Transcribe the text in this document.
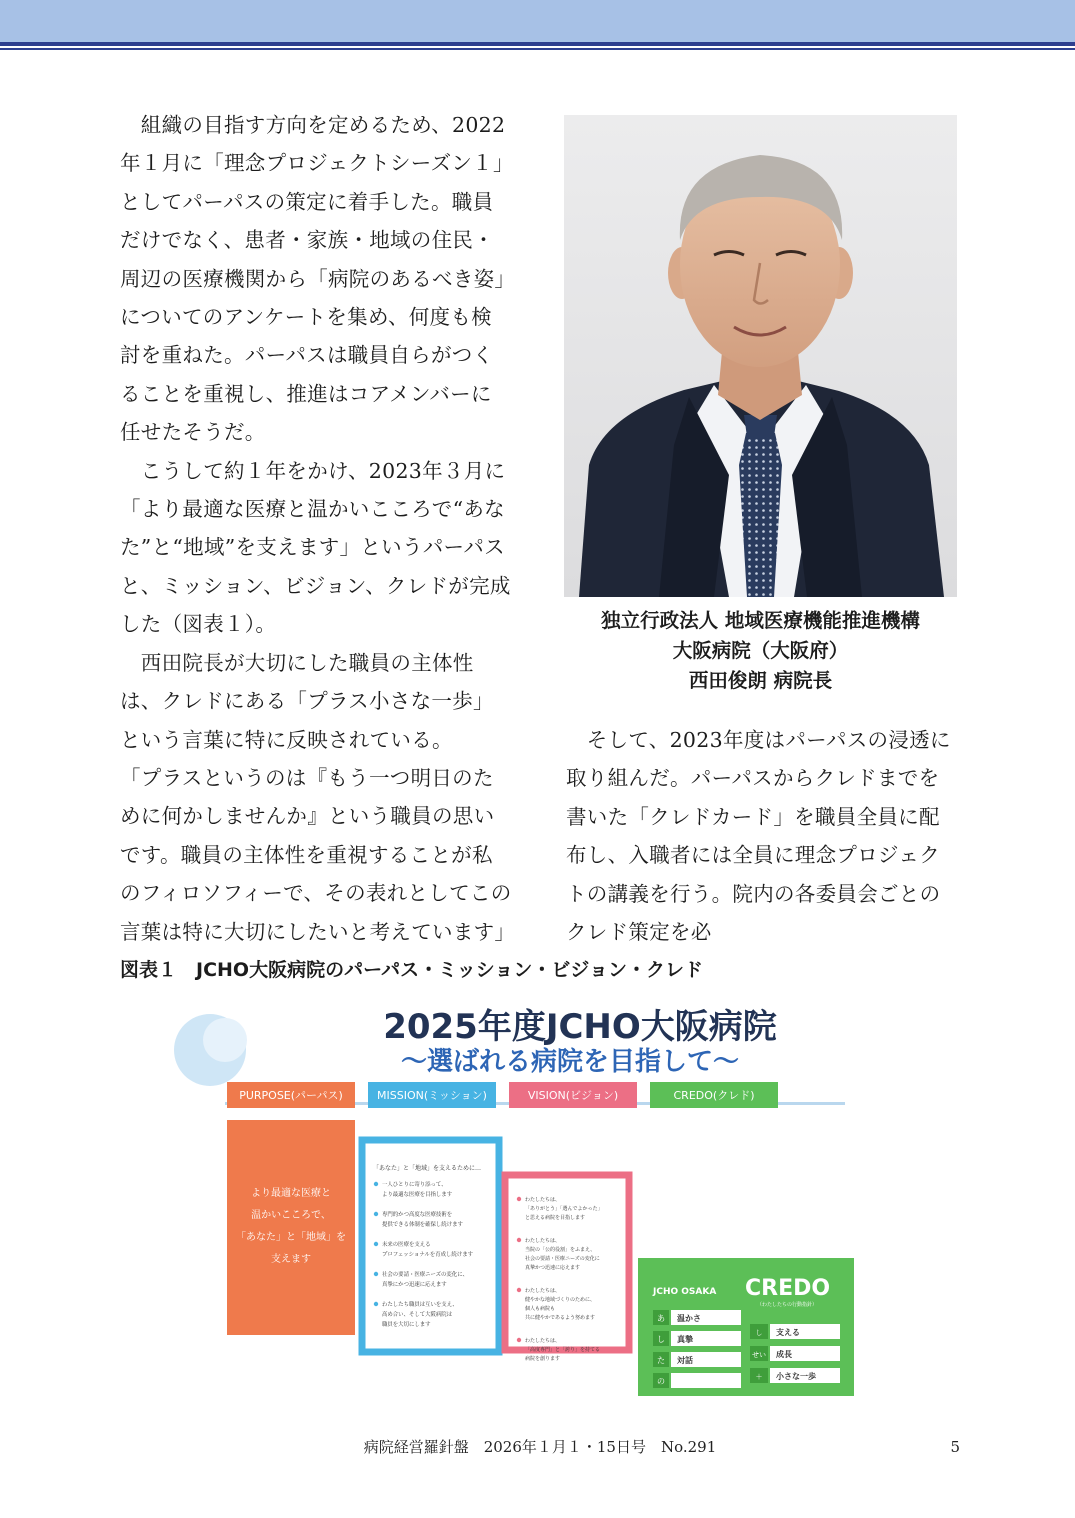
　組織の目指す方向を定めるため、2022年１月に「理念プロジェクトシーズン１」としてパーパスの策定に着手した。職員だけでなく、患者・家族・地域の住民・周辺の医療機関から「病院のあるべき姿」についてのアンケートを集め、何度も検討を重ねた。パーパスは職員自らがつくることを重視し、推進はコアメンバーに任せたそうだ。

　こうして約１年をかけ、2023年３月に「より最適な医療と温かいこころで“あなた”と“地域”を支えます」というパーパスと、ミッション、ビジョン、クレドが完成した（図表１）。

　西田院長が大切にした職員の主体性は、クレドにある「プラス小さな一歩」という言葉に特に反映されている。

「プラスというのは『もう一つ明日のために何かしませんか』という職員の思いです。職員の主体性を重視することが私のフィロソフィーで、その表れとしてこの言葉は特に大切にしたいと考えています」

独立行政法人 地域医療機能推進機構
大阪病院（大阪府）
西田俊朗 病院長

　そして、2023年度はパーパスの浸透に取り組んだ。パーパスからクレドまでを書いた「クレドカード」を職員全員に配布し、入職者には全員に理念プロジェクトの講義を行う。院内の各委員会ごとのクレド策定を必

図表１　JCHO大阪病院のパーパス・ミッション・ビジョン・クレド
2025年度JCHO大阪病院
〜選ばれる病院を目指して〜
PURPOSE(パーパス)	MISSION(ミッション)	VISION(ビジョン)	CREDO(クレド)
より最適な医療と
温かいこころで、
「あなた」と「地域」を
支えます
「あなた」と「地域」を支えるために…
一人ひとりに寄り添って、
より最適な医療を目指します
専門的かつ高度な医療技術を
提供できる体制を確保し続けます
未来の医療を支える
プロフェッショナルを育成し続けます
社会の要請・医療ニーズの変化に、
真摯にかつ迅速に応えます
わたしたち職員は互いを支え、
高め合い、そして大阪病院は
職員を大切にします
わたしたちは、
「ありがとう」「選んでよかった」
と思える病院を目指します
わたしたちは、
当院の「公的役割」をふまえ、
社会の要請・医療ニーズの変化に
真摯かつ迅速に応えます
わたしたちは、
健やかな地域づくりのために、
個人も病院も
共に健やかであるよう努めます
わたしたちは、
「高度専門」と「誇り」を持てる
病院を創ります
JCHO OSAKA CREDO
（わたしたちの行動指針）
あ 温かさ
し 真摯
た 対話
の
し 支える
せい 成長
＋ 小さな一歩
病院経営羅針盤　2026年１月１・15日号　No.291	5
